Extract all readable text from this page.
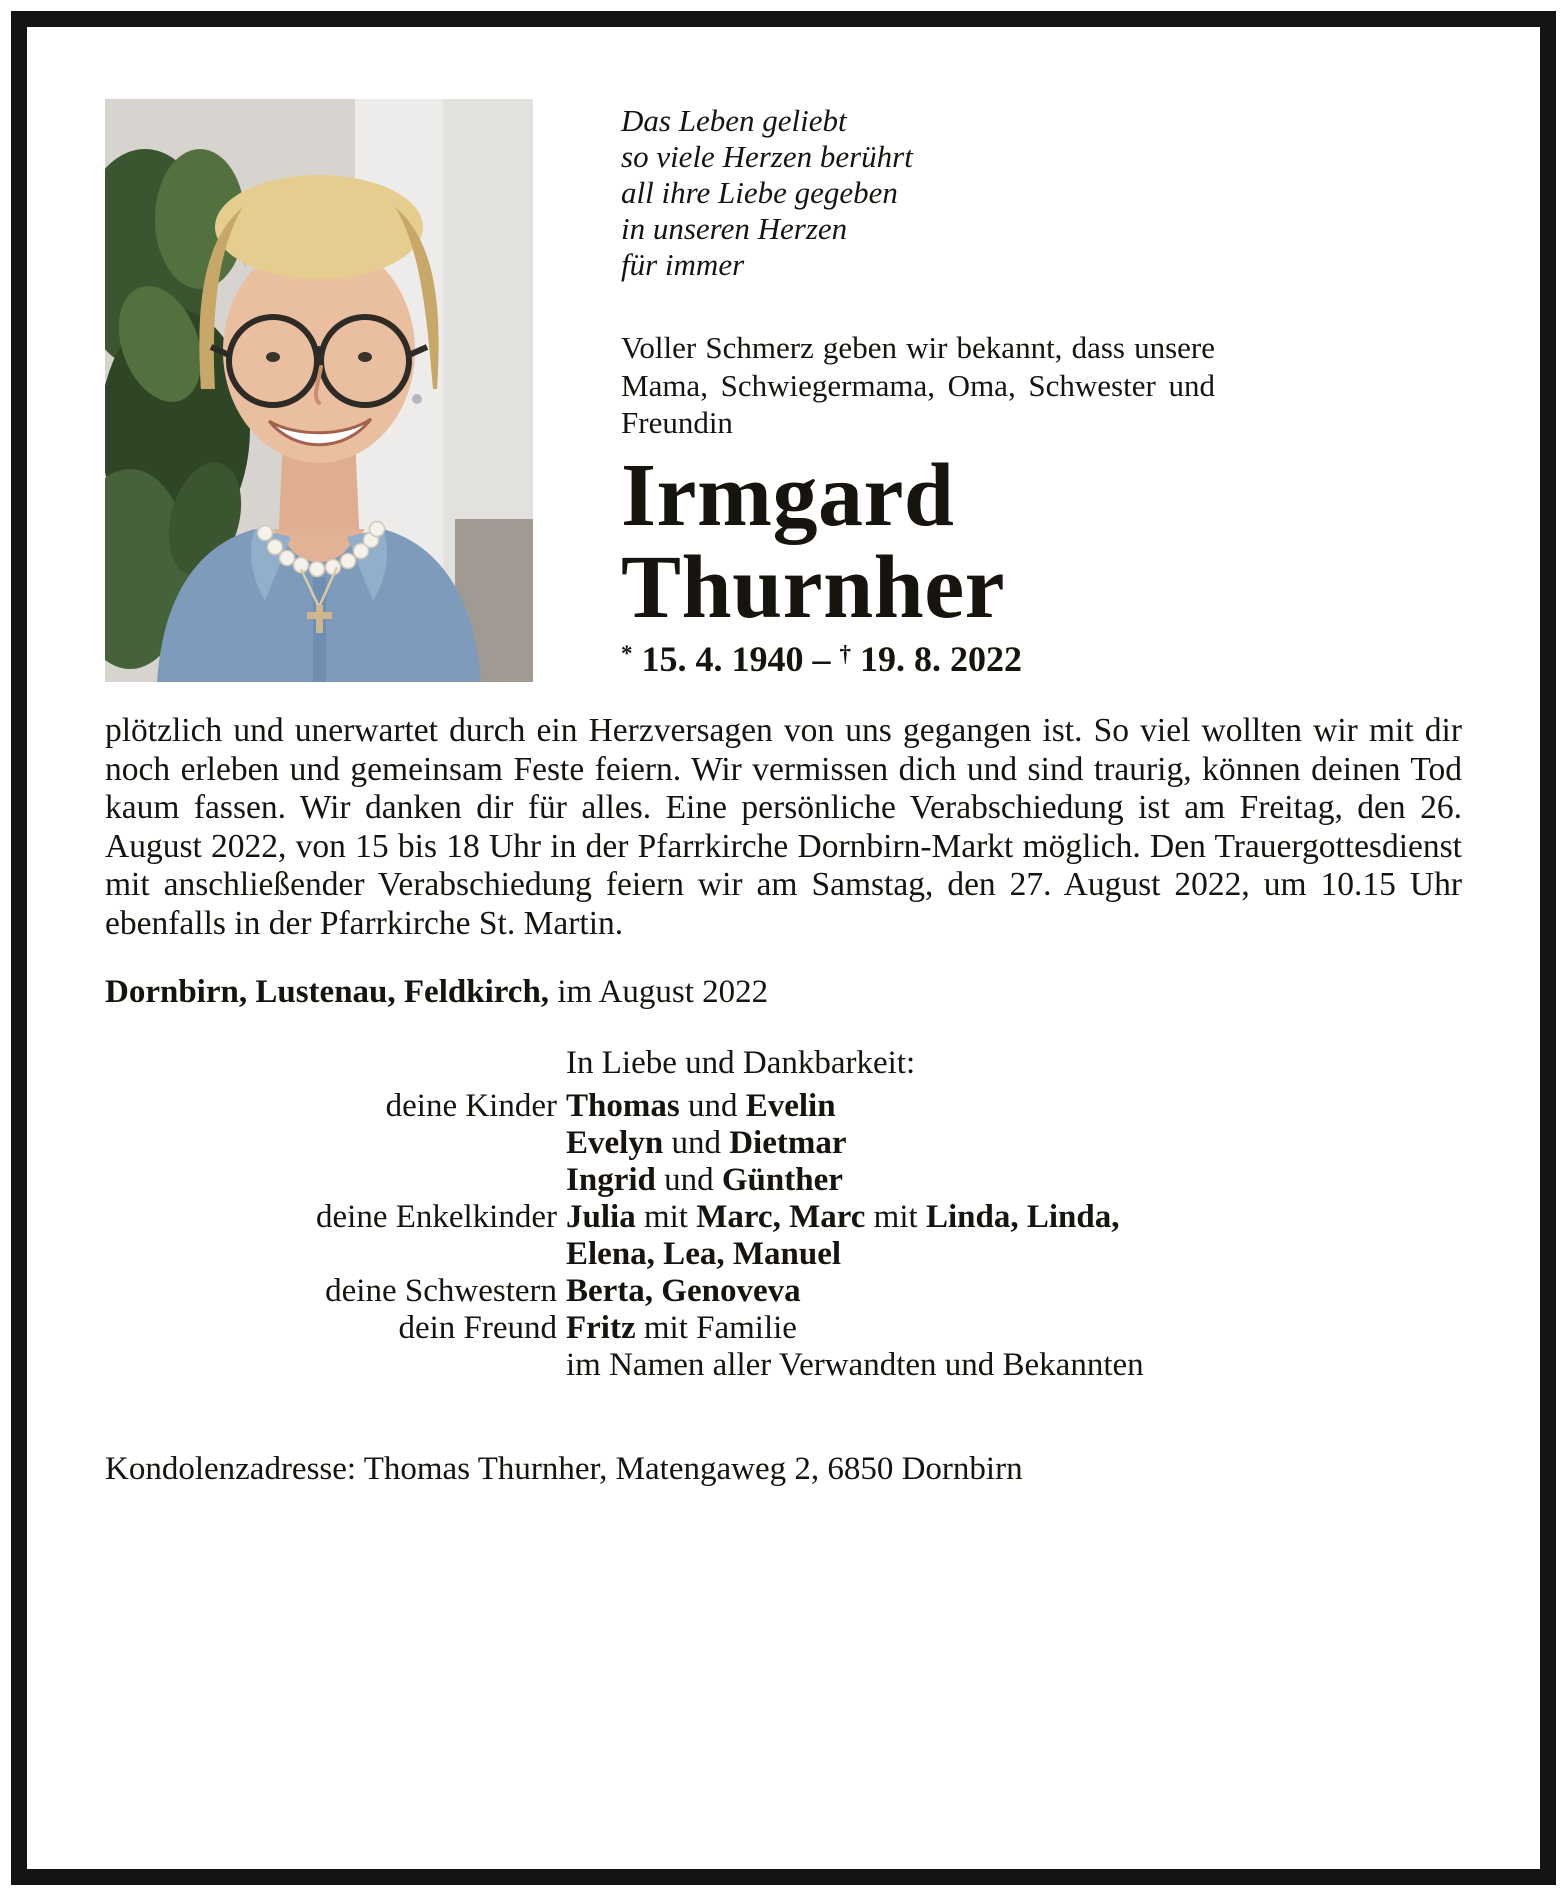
Das Leben geliebt
so viele Herzen berührt
all ihre Liebe gegeben
in unseren Herzen
für immer

Voller Schmerz geben wir bekannt, dass unsere Mama, Schwiegermama, Oma, Schwester und Freundin

Irmgard
Thurnher
* 15. 4. 1940 – † 19. 8. 2022

plötzlich und unerwartet durch ein Herzversagen von uns gegangen ist. So viel wollten wir mit dir noch erleben und gemeinsam Feste feiern. Wir vermissen dich und sind traurig, können deinen Tod kaum fassen. Wir danken dir für alles. Eine persönliche Verabschiedung ist am Freitag, den 26. August 2022, von 15 bis 18 Uhr in der Pfarrkirche Dornbirn-Markt möglich. Den Trauergottesdienst mit anschließender Verabschiedung feiern wir am Samstag, den 27. August 2022, um 10.15 Uhr ebenfalls in der Pfarrkirche St. Martin.

Dornbirn, Lustenau, Feldkirch, im August 2022

In Liebe und Dankbarkeit:
deine Kinder Thomas und Evelin
Evelyn und Dietmar
Ingrid und Günther
deine Enkelkinder Julia mit Marc, Marc mit Linda, Linda,
Elena, Lea, Manuel
deine Schwestern Berta, Genoveva
dein Freund Fritz mit Familie
im Namen aller Verwandten und Bekannten

Kondolenzadresse: Thomas Thurnher, Matengaweg 2, 6850 Dornbirn
